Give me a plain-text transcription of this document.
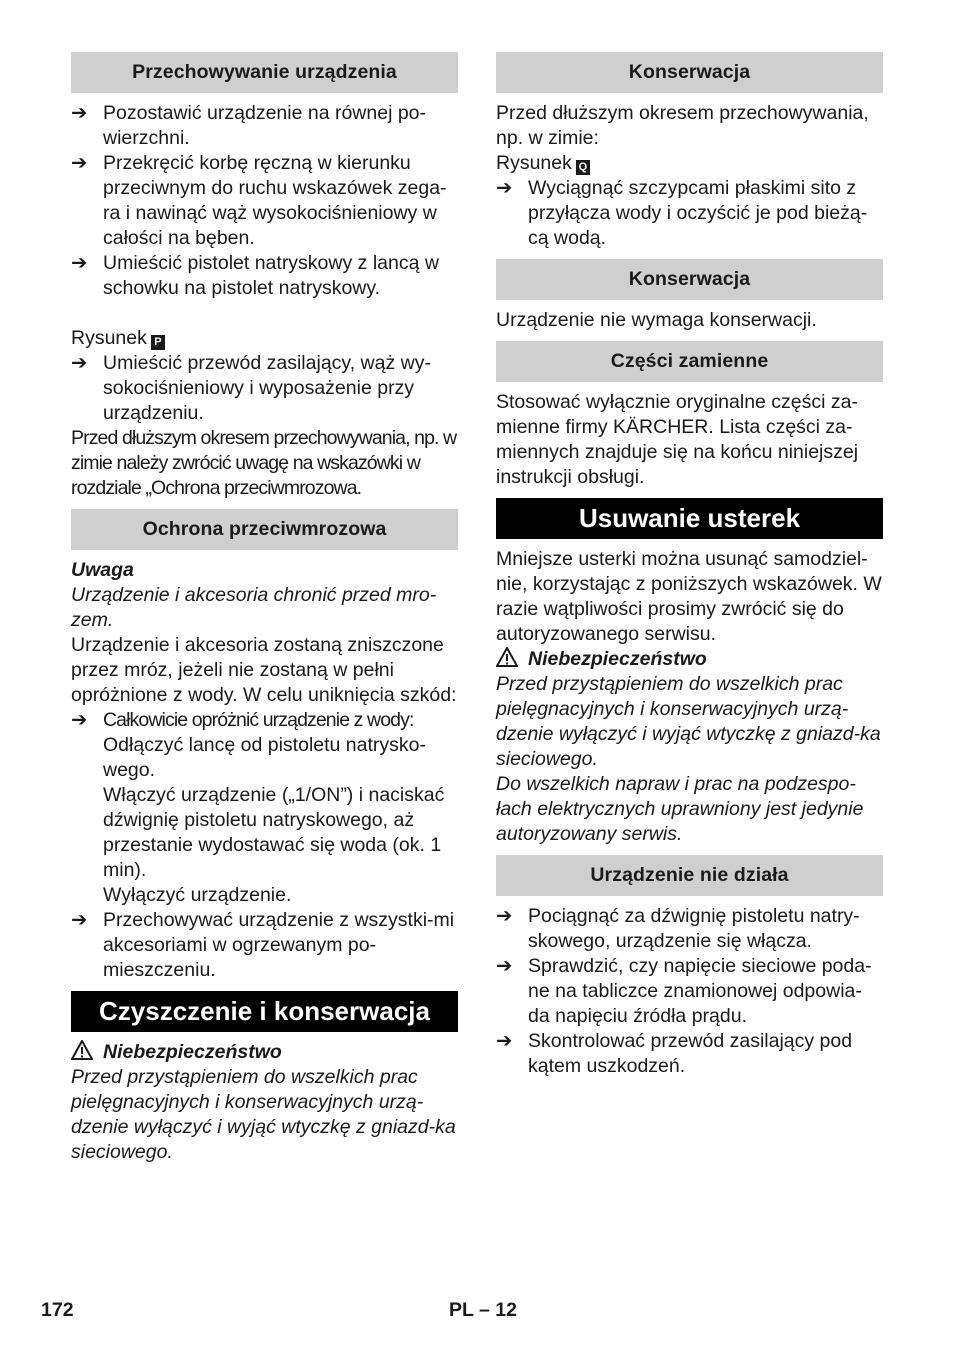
Przechowywanie urządzenia
➔ Pozostawić urządzenie na równej po-wierzchni.
➔ Przekręcić korbę ręczną w kierunku przeciwnym do ruchu wskazówek zega-ra i nawinąć wąż wysokociśnieniowy w całości na bęben.
➔ Umieścić pistolet natryskowy z lancą w schowku na pistolet natryskowy.

Rysunek P

➔ Umieścić przewód zasilający, wąż wy-sokociśnieniowy i wyposażenie przy urządzeniu.

Przed dłuższym okresem przechowywania, np. w zimie należy zwrócić uwagę na wskazówki w rozdziale „Ochrona przeciwmrozowa.

Ochrona przeciwmrozowa

Uwaga

Urządzenie i akcesoria chronić przed mro-zem.

Urządzenie i akcesoria zostaną zniszczone przez mróz, jeżeli nie zostaną w pełni opróżnione z wody. W celu uniknięcia szkód:

➔ Całkowicie opróżnić urządzenie z wody:
Odłączyć lancę od pistoletu natrysko-wego.
Włączyć urządzenie („1/ON”) i naciskać dźwignię pistoletu natryskowego, aż przestanie wydostawać się woda (ok. 1 min).
Wyłączyć urządzenie.
➔ Przechowywać urządzenie z wszystki-mi akcesoriami w ogrzewanym po-mieszczeniu.
Czyszczenie i konserwacja

Niebezpieczeństwo

Przed przystąpieniem do wszelkich prac pielęgnacyjnych i konserwacyjnych urzą-dzenie wyłączyć i wyjąć wtyczkę z gniazd-ka sieciowego.

Konserwacja

Przed dłuższym okresem przechowywania, np. w zimie:

Rysunek Q

➔ Wyciągnąć szczypcami płaskimi sito z przyłącza wody i oczyścić je pod bieżą-cą wodą.
Konserwacja

Urządzenie nie wymaga konserwacji.

Części zamienne

Stosować wyłącznie oryginalne części za-mienne firmy KÄRCHER. Lista części za-miennych znajduje się na końcu niniejszej instrukcji obsługi.

Usuwanie usterek

Mniejsze usterki można usunąć samodziel-nie, korzystając z poniższych wskazówek. W razie wątpliwości prosimy zwrócić się do autoryzowanego serwisu.

Niebezpieczeństwo

Przed przystąpieniem do wszelkich prac pielęgnacyjnych i konserwacyjnych urzą-dzenie wyłączyć i wyjąć wtyczkę z gniazd-ka sieciowego.

Do wszelkich napraw i prac na podzespo-łach elektrycznych uprawniony jest jedynie autoryzowany serwis.

Urządzenie nie działa
➔ Pociągnąć za dźwignię pistoletu natry-skowego, urządzenie się włącza.
➔ Sprawdzić, czy napięcie sieciowe poda-ne na tabliczce znamionowej odpowia-da napięciu źródła prądu.
➔ Skontrolować przewód zasilający pod kątem uszkodzeń.
172	PL – 12
